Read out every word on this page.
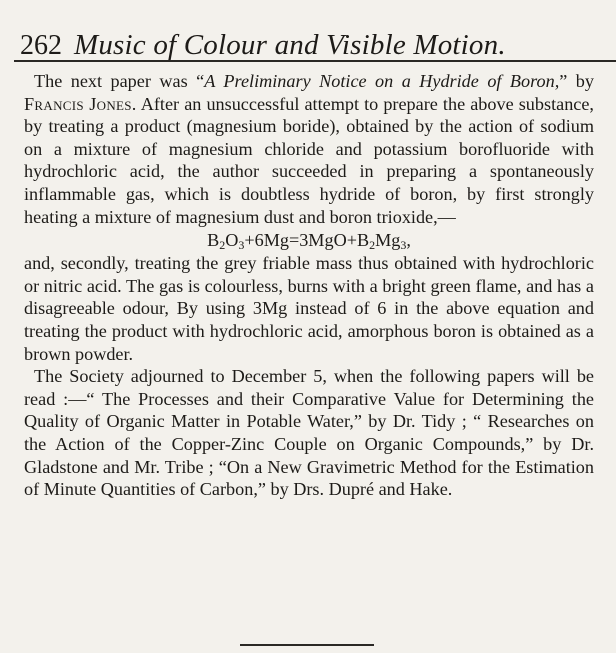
262 Music of Colour and Visible Motion.

The next paper was “A Preliminary Notice on a Hydride of Boron,” by Francis Jones. After an unsuccessful attempt to prepare the above substance, by treating a product (magnesium boride), obtained by the action of sodium on a mixture of magnesium chloride and potassium borofluoride with hydrochloric acid, the author succeeded in preparing a spontaneously inflammable gas, which is doubtless hydride of boron, by first strongly heating a mixture of magnesium dust and boron trioxide,—

$B_2O_3+6Mg=3MgO+B_2Mg_3$,

and, secondly, treating the grey friable mass thus obtained with hydrochloric or nitric acid. The gas is colourless, burns with a bright green flame, and has a disagreeable odour, By using 3Mg instead of 6 in the above equation and treating the product with hydrochloric acid, amorphous boron is obtained as a brown powder.

The Society adjourned to December 5, when the following papers will be read :—“ The Processes and their Comparative Value for Determining the Quality of Organic Matter in Potable Water,” by Dr. Tidy ; “ Researches on the Action of the Copper-Zinc Couple on Organic Compounds,” by Dr. Gladstone and Mr. Tribe ; “On a New Gravimetric Method for the Estimation of Minute Quantities of Carbon,” by Drs. Dupré and Hake.
